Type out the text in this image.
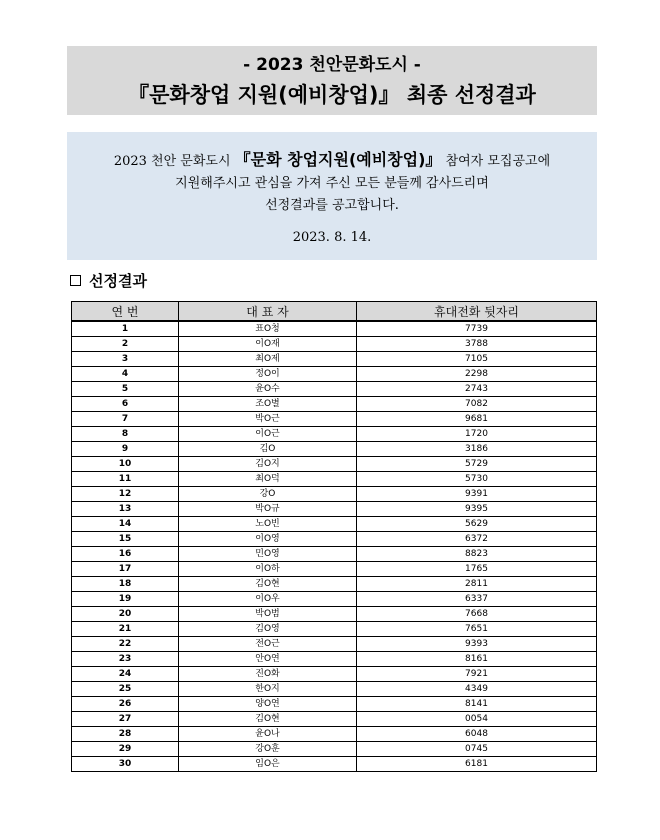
- 2023 천안문화도시 -
『문화창업 지원(예비창업)』 최종 선정결과
2023 천안 문화도시 『문화 창업지원(예비창업)』 참여자 모집공고에
지원해주시고 관심을 가져 주신 모든 분들께 감사드리며
선정결과를 공고합니다.
2023. 8. 14.
선정결과
연 번	대 표 자	휴대전화 뒷자리
1	표O청	7739
2	이O재	3788
3	최O제	7105
4	정O이	2298
5	윤O수	2743
6	조O별	7082
7	박O근	9681
8	이O근	1720
9	김O	3186
10	김O지	5729
11	최O덕	5730
12	강O	9391
13	박O규	9395
14	노O빈	5629
15	이O영	6372
16	민O영	8823
17	이O하	1765
18	김O현	2811
19	이O우	6337
20	박O범	7668
21	김O영	7651
22	전O근	9393
23	안O연	8161
24	진O화	7921
25	한O지	4349
26	양O연	8141
27	김O현	0054
28	윤O나	6048
29	강O훈	0745
30	임O은	6181
